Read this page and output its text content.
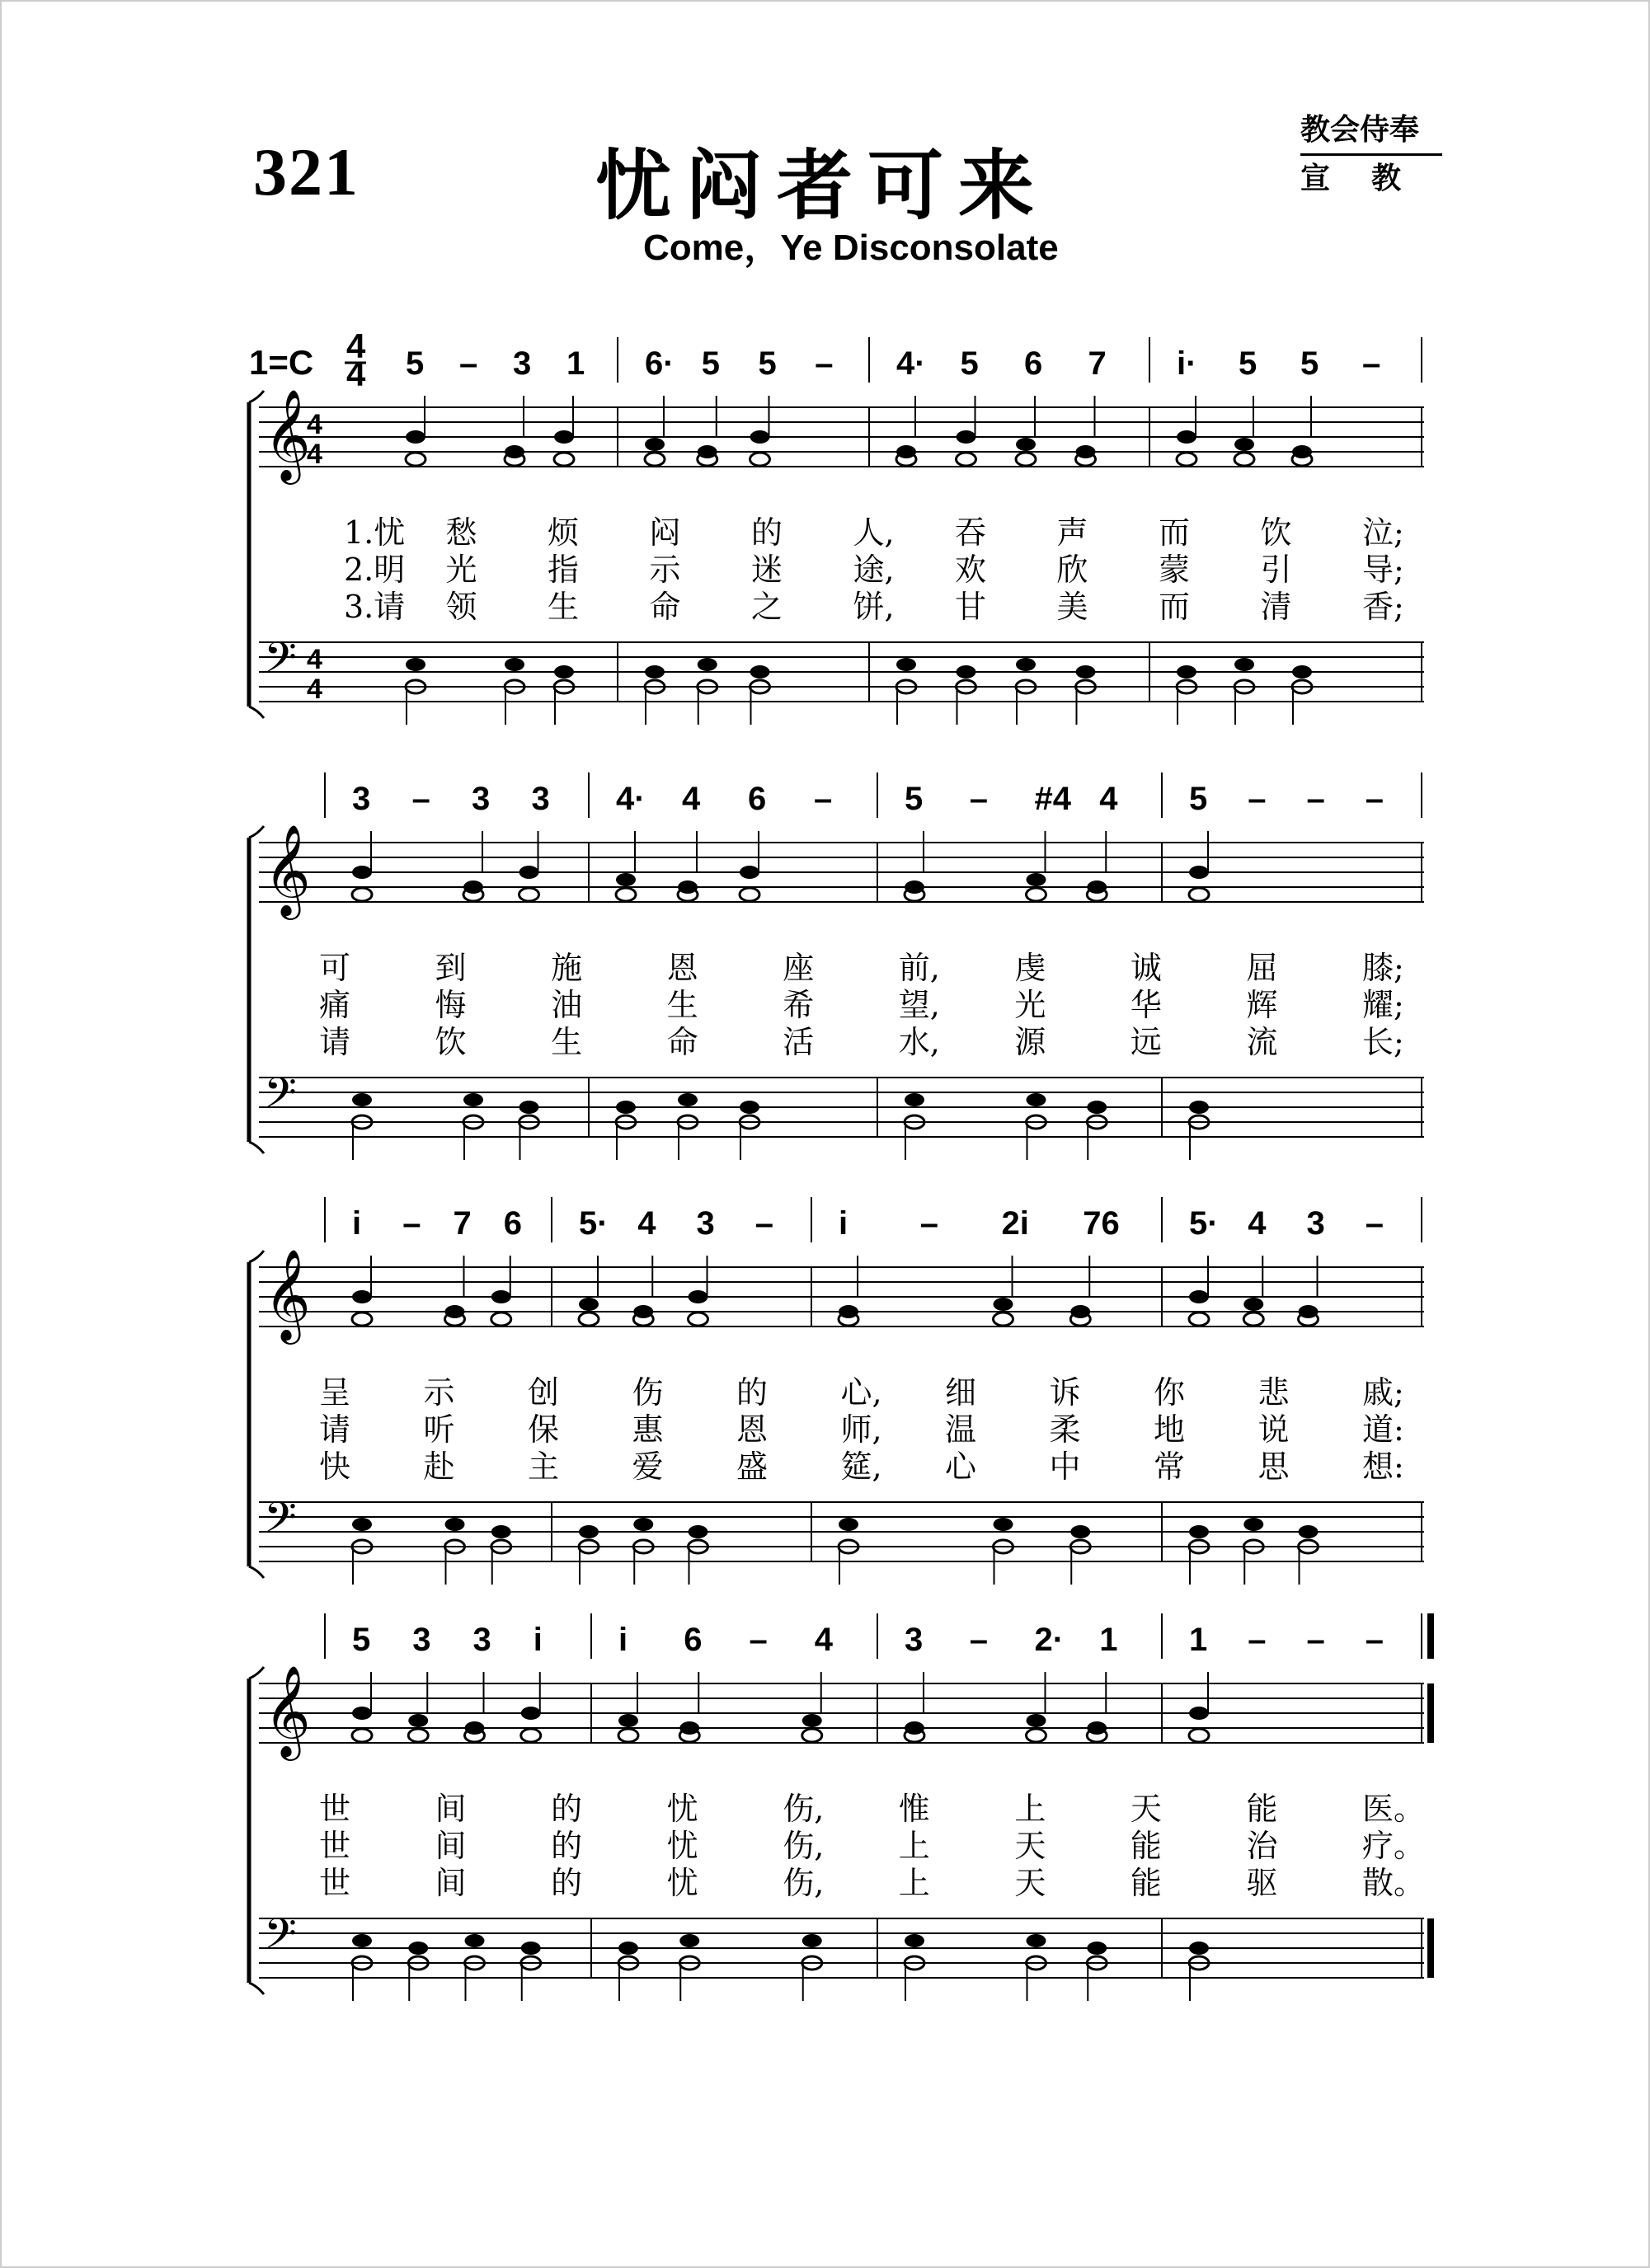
321	忧闷者可来
Come，Ye Disconsolate
教会侍奉
宣教
1=C 4
4 5 – 3 1 6· 5 5 – 4· 5 6 7 i· 5 5 –
𝄞
𝄢
4
4
4
4
1.忧 愁 烦 闷 的 人, 吞 声 而 饮 泣;
2.明 光 指 示 迷 途, 欢 欣 蒙 引 导;
3.请 领 生 命 之 饼, 甘 美 而 清 香;
3 – 3 3 4· 4 6 – 5 – #4 4 5 – – –
𝄞
𝄢
可	到	施	恩	座	前, 虔	诚	屈	膝;
痛	悔	油	生	希	望, 光	华	辉	耀;
请	饮	生	命	活	水, 源	远	流	长;
i – 7 6 5· 4 3 – i – 2i 76 5· 4 3 –
𝄞
𝄢
呈 示 创 伤 的 心, 细 诉 你 悲 戚;
请 听 保 惠 恩 师, 温 柔 地 说 道:
快 赴 主 爱 盛 筵, 心 中 常 思 想:
5 3 3 i i 6 – 4 3 – 2· 1 1 – – –
𝄞
𝄢
世	间	的	忧	伤, 惟	上	天	能	医。
世	间	的	忧	伤, 上	天	能	治	疗。
世	间	的	忧	伤, 上	天	能	驱	散。
